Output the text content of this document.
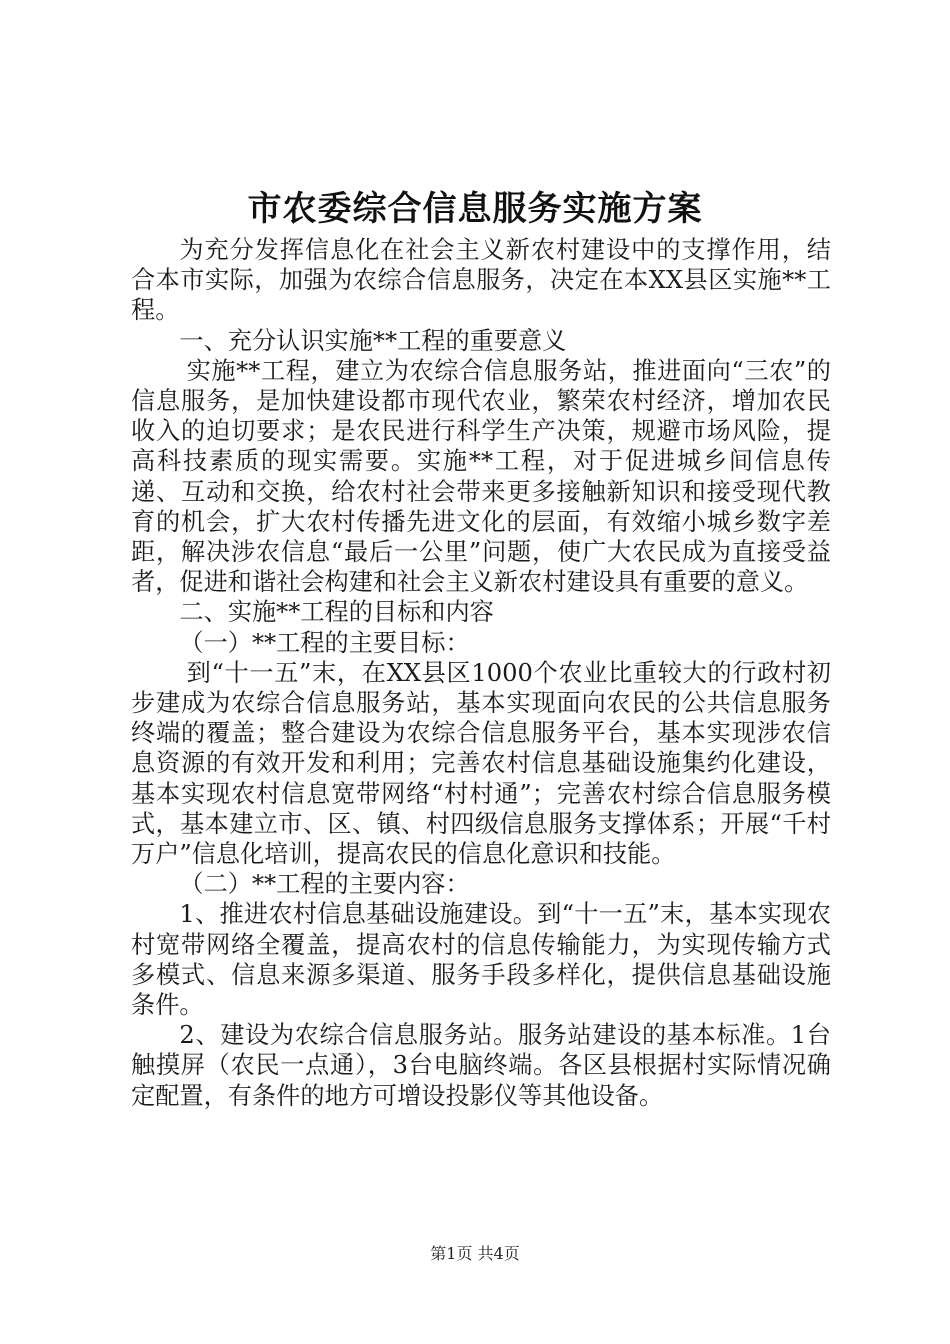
市农委综合信息服务实施方案

为充分发挥信息化在社会主义新农村建设中的支撑作用，结合本市实际，加强为农综合信息服务，决定在本XX县区实施**工程。

一、充分认识实施**工程的重要意义

实施**工程，建立为农综合信息服务站，推进面向“三农”的信息服务，是加快建设都市现代农业，繁荣农村经济，增加农民收入的迫切要求；是农民进行科学生产决策，规避市场风险，提高科技素质的现实需要。实施**工程，对于促进城乡间信息传递、互动和交换，给农村社会带来更多接触新知识和接受现代教育的机会，扩大农村传播先进文化的层面，有效缩小城乡数字差距，解决涉农信息“最后一公里”问题，使广大农民成为直接受益者，促进和谐社会构建和社会主义新农村建设具有重要的意义。

二、实施**工程的目标和内容

（一）**工程的主要目标：

到“十一五”末，在XX县区1000个农业比重较大的行政村初步建成为农综合信息服务站，基本实现面向农民的公共信息服务终端的覆盖；整合建设为农综合信息服务平台，基本实现涉农信息资源的有效开发和利用；完善农村信息基础设施集约化建设，基本实现农村信息宽带网络“村村通”；完善农村综合信息服务模式，基本建立市、区、镇、村四级信息服务支撑体系；开展“千村万户”信息化培训，提高农民的信息化意识和技能。

（二）**工程的主要内容：

1、推进农村信息基础设施建设。到“十一五”末，基本实现农村宽带网络全覆盖，提高农村的信息传输能力，为实现传输方式多模式、信息来源多渠道、服务手段多样化，提供信息基础设施条件。

2、建设为农综合信息服务站。服务站建设的基本标准。1台触摸屏（农民一点通），3台电脑终端。各区县根据村实际情况确定配置，有条件的地方可增设投影仪等其他设备。

第1页 共4页
